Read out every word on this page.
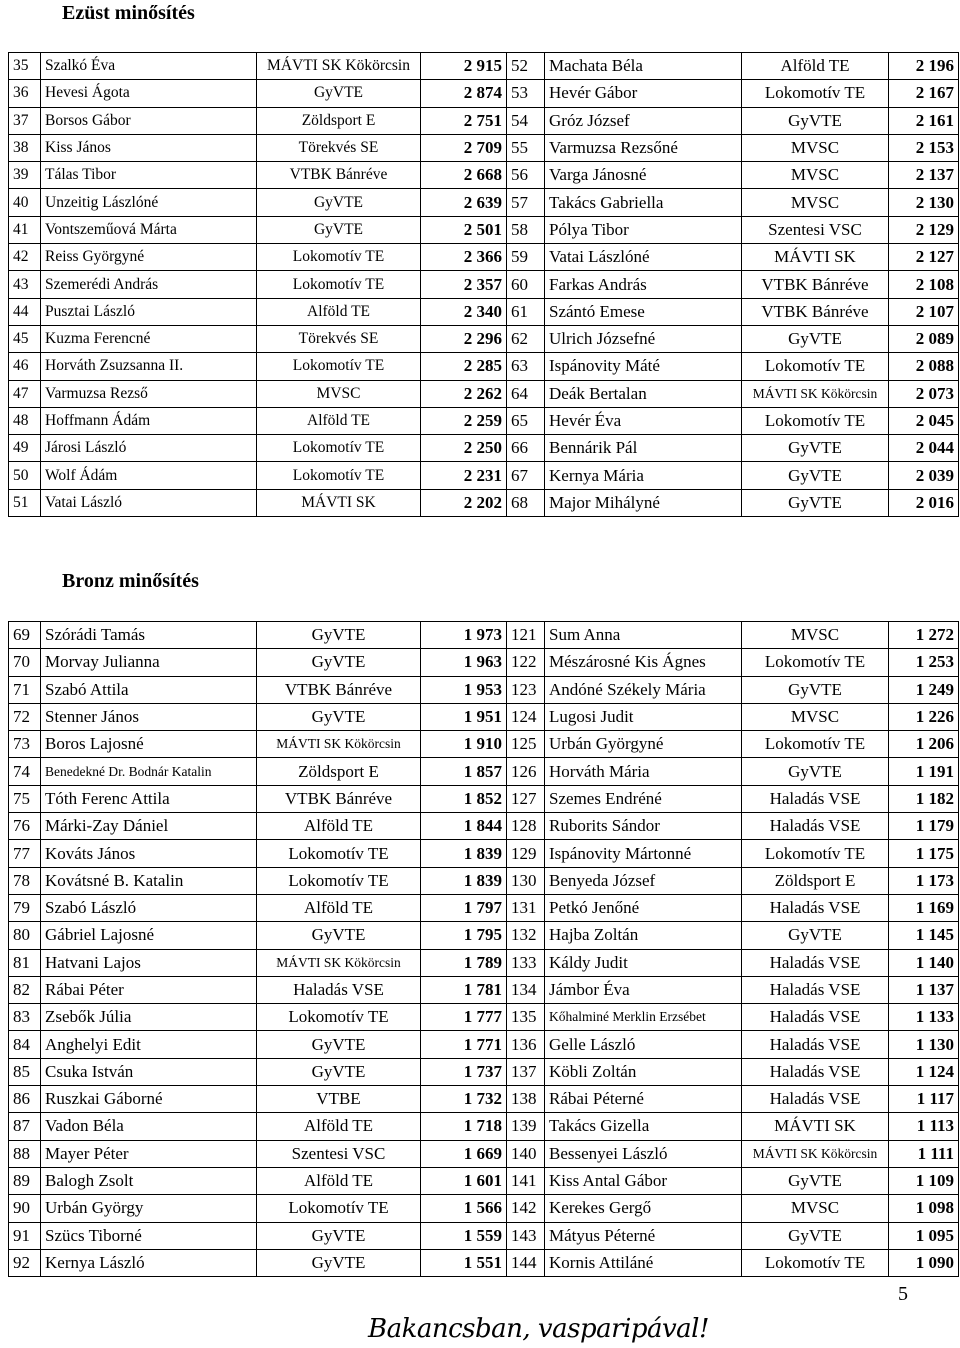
Ezüst minősítés
35	Szalkó Éva	MÁVTI SK Kökörcsin	2 915	52	Machata Béla	Alföld TE	2 196
36	Hevesi Ágota	GyVTE	2 874	53	Hevér Gábor	Lokomotív TE	2 167
37	Borsos Gábor	Zöldsport E	2 751	54	Gróz József	GyVTE	2 161
38	Kiss János	Törekvés SE	2 709	55	Varmuzsa Rezsőné	MVSC	2 153
39	Tálas Tibor	VTBK Bánréve	2 668	56	Varga Jánosné	MVSC	2 137
40	Unzeitig Lászlóné	GyVTE	2 639	57	Takács Gabriella	MVSC	2 130
41	Vontszeműová Márta	GyVTE	2 501	58	Pólya Tibor	Szentesi VSC	2 129
42	Reiss Györgyné	Lokomotív TE	2 366	59	Vatai Lászlóné	MÁVTI SK	2 127
43	Szemerédi András	Lokomotív TE	2 357	60	Farkas András	VTBK Bánréve	2 108
44	Pusztai László	Alföld TE	2 340	61	Szántó Emese	VTBK Bánréve	2 107
45	Kuzma Ferencné	Törekvés SE	2 296	62	Ulrich Józsefné	GyVTE	2 089
46	Horváth Zsuzsanna II.	Lokomotív TE	2 285	63	Ispánovity Máté	Lokomotív TE	2 088
47	Varmuzsa Rezső	MVSC	2 262	64	Deák Bertalan	MÁVTI SK Kökörcsin	2 073
48	Hoffmann Ádám	Alföld TE	2 259	65	Hevér Éva	Lokomotív TE	2 045
49	Járosi László	Lokomotív TE	2 250	66	Bennárik Pál	GyVTE	2 044
50	Wolf Ádám	Lokomotív TE	2 231	67	Kernya Mária	GyVTE	2 039
51	Vatai László	MÁVTI SK	2 202	68	Major Mihályné	GyVTE	2 016
Bronz minősítés
69	Szórádi Tamás	GyVTE	1 973	121	Sum Anna	MVSC	1 272
70	Morvay Julianna	GyVTE	1 963	122	Mészárosné Kis Ágnes	Lokomotív TE	1 253
71	Szabó Attila	VTBK Bánréve	1 953	123	Andóné Székely Mária	GyVTE	1 249
72	Stenner János	GyVTE	1 951	124	Lugosi Judit	MVSC	1 226
73	Boros Lajosné	MÁVTI SK Kökörcsin	1 910	125	Urbán Györgyné	Lokomotív TE	1 206
74	Benedekné Dr. Bodnár Katalin	Zöldsport E	1 857	126	Horváth Mária	GyVTE	1 191
75	Tóth Ferenc Attila	VTBK Bánréve	1 852	127	Szemes Endréné	Haladás VSE	1 182
76	Márki-Zay Dániel	Alföld TE	1 844	128	Ruborits Sándor	Haladás VSE	1 179
77	Kováts János	Lokomotív TE	1 839	129	Ispánovity Mártonné	Lokomotív TE	1 175
78	Kovátsné B. Katalin	Lokomotív TE	1 839	130	Benyeda József	Zöldsport E	1 173
79	Szabó László	Alföld TE	1 797	131	Petkó Jenőné	Haladás VSE	1 169
80	Gábriel Lajosné	GyVTE	1 795	132	Hajba Zoltán	GyVTE	1 145
81	Hatvani Lajos	MÁVTI SK Kökörcsin	1 789	133	Káldy Judit	Haladás VSE	1 140
82	Rábai Péter	Haladás VSE	1 781	134	Jámbor Éva	Haladás VSE	1 137
83	Zsebők Júlia	Lokomotív TE	1 777	135	Kőhalminé Merklin Erzsébet	Haladás VSE	1 133
84	Anghelyi Edit	GyVTE	1 771	136	Gelle László	Haladás VSE	1 130
85	Csuka István	GyVTE	1 737	137	Köbli Zoltán	Haladás VSE	1 124
86	Ruszkai Gáborné	VTBE	1 732	138	Rábai Péterné	Haladás VSE	1 117
87	Vadon Béla	Alföld TE	1 718	139	Takács Gizella	MÁVTI SK	1 113
88	Mayer Péter	Szentesi VSC	1 669	140	Bessenyei László	MÁVTI SK Kökörcsin	1 111
89	Balogh Zsolt	Alföld TE	1 601	141	Kiss Antal Gábor	GyVTE	1 109
90	Urbán György	Lokomotív TE	1 566	142	Kerekes Gergő	MVSC	1 098
91	Szücs Tiborné	GyVTE	1 559	143	Mátyus Péterné	GyVTE	1 095
92	Kernya László	GyVTE	1 551	144	Kornis Attiláné	Lokomotív TE	1 090
5
Bakancsban, vasparipával!
